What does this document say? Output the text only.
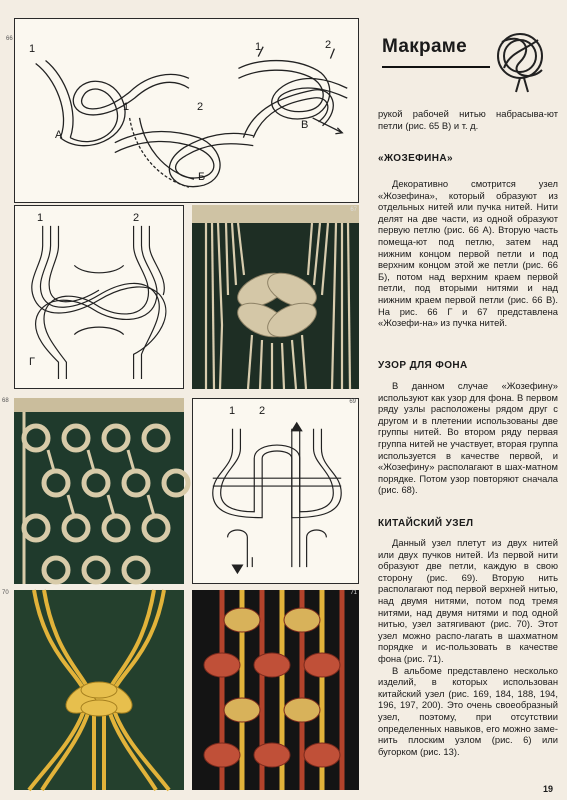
66
1
А
1	2
Б
1	2
В
1	2
Г
67
68
1 2
69
70	71
Макраме

рукой рабочей нитью набрасыва-ют петли (рис. 65 В) и т. д.

«ЖОЗЕФИНА»

Декоративно смотрится узел «Жозефина», который образуют из отдельных нитей или пучка нитей. Нити делят на две части, из одной образуют первую петлю (рис. 66 А). Вторую часть помеща-ют под петлю, затем над нижним концом первой петли и под верхним концом этой же петли (рис. 66 Б), потом над верхним краем первой петли, под вторыми нитями и над нижним краем первой петли (рис. 66 В). На рис. 66 Г и 67 представлена «Жозефи-на» из пучка нитей.

УЗОР ДЛЯ ФОНА

В данном случае «Жозефину» используют как узор для фона. В первом ряду узлы расположены рядом друг с другом и в плетении использованы две группы нитей. Во втором ряду первая группа нитей не участвует, вторая группа используется в качестве первой, и «Жозефину» располагают в шах-матном порядке. Потом узор повторяют сначала (рис. 68).

КИТАЙСКИЙ УЗЕЛ

Данный узел плетут из двух нитей или двух пучков нитей. Из первой нити образуют две петли, каждую в свою сторону (рис. 69). Вторую нить располагают под первой верхней нитью, над двумя нитями, потом под тремя нитями, над двумя нитями и под одной нитью, узел затягивают (рис. 70). Этот узел можно распо-лагать в шахматном порядке и ис-пользовать в качестве фона (рис. 71).

В альбоме представлено несколько изделий, в которых использован китайский узел (рис. 169, 184, 188, 194, 196, 197, 200). Это очень своеобразный узел, поэтому, при отсутствии определенных навыков, его можно заме-нить плоским узлом (рис. 6) или бугорком (рис. 13).

19
